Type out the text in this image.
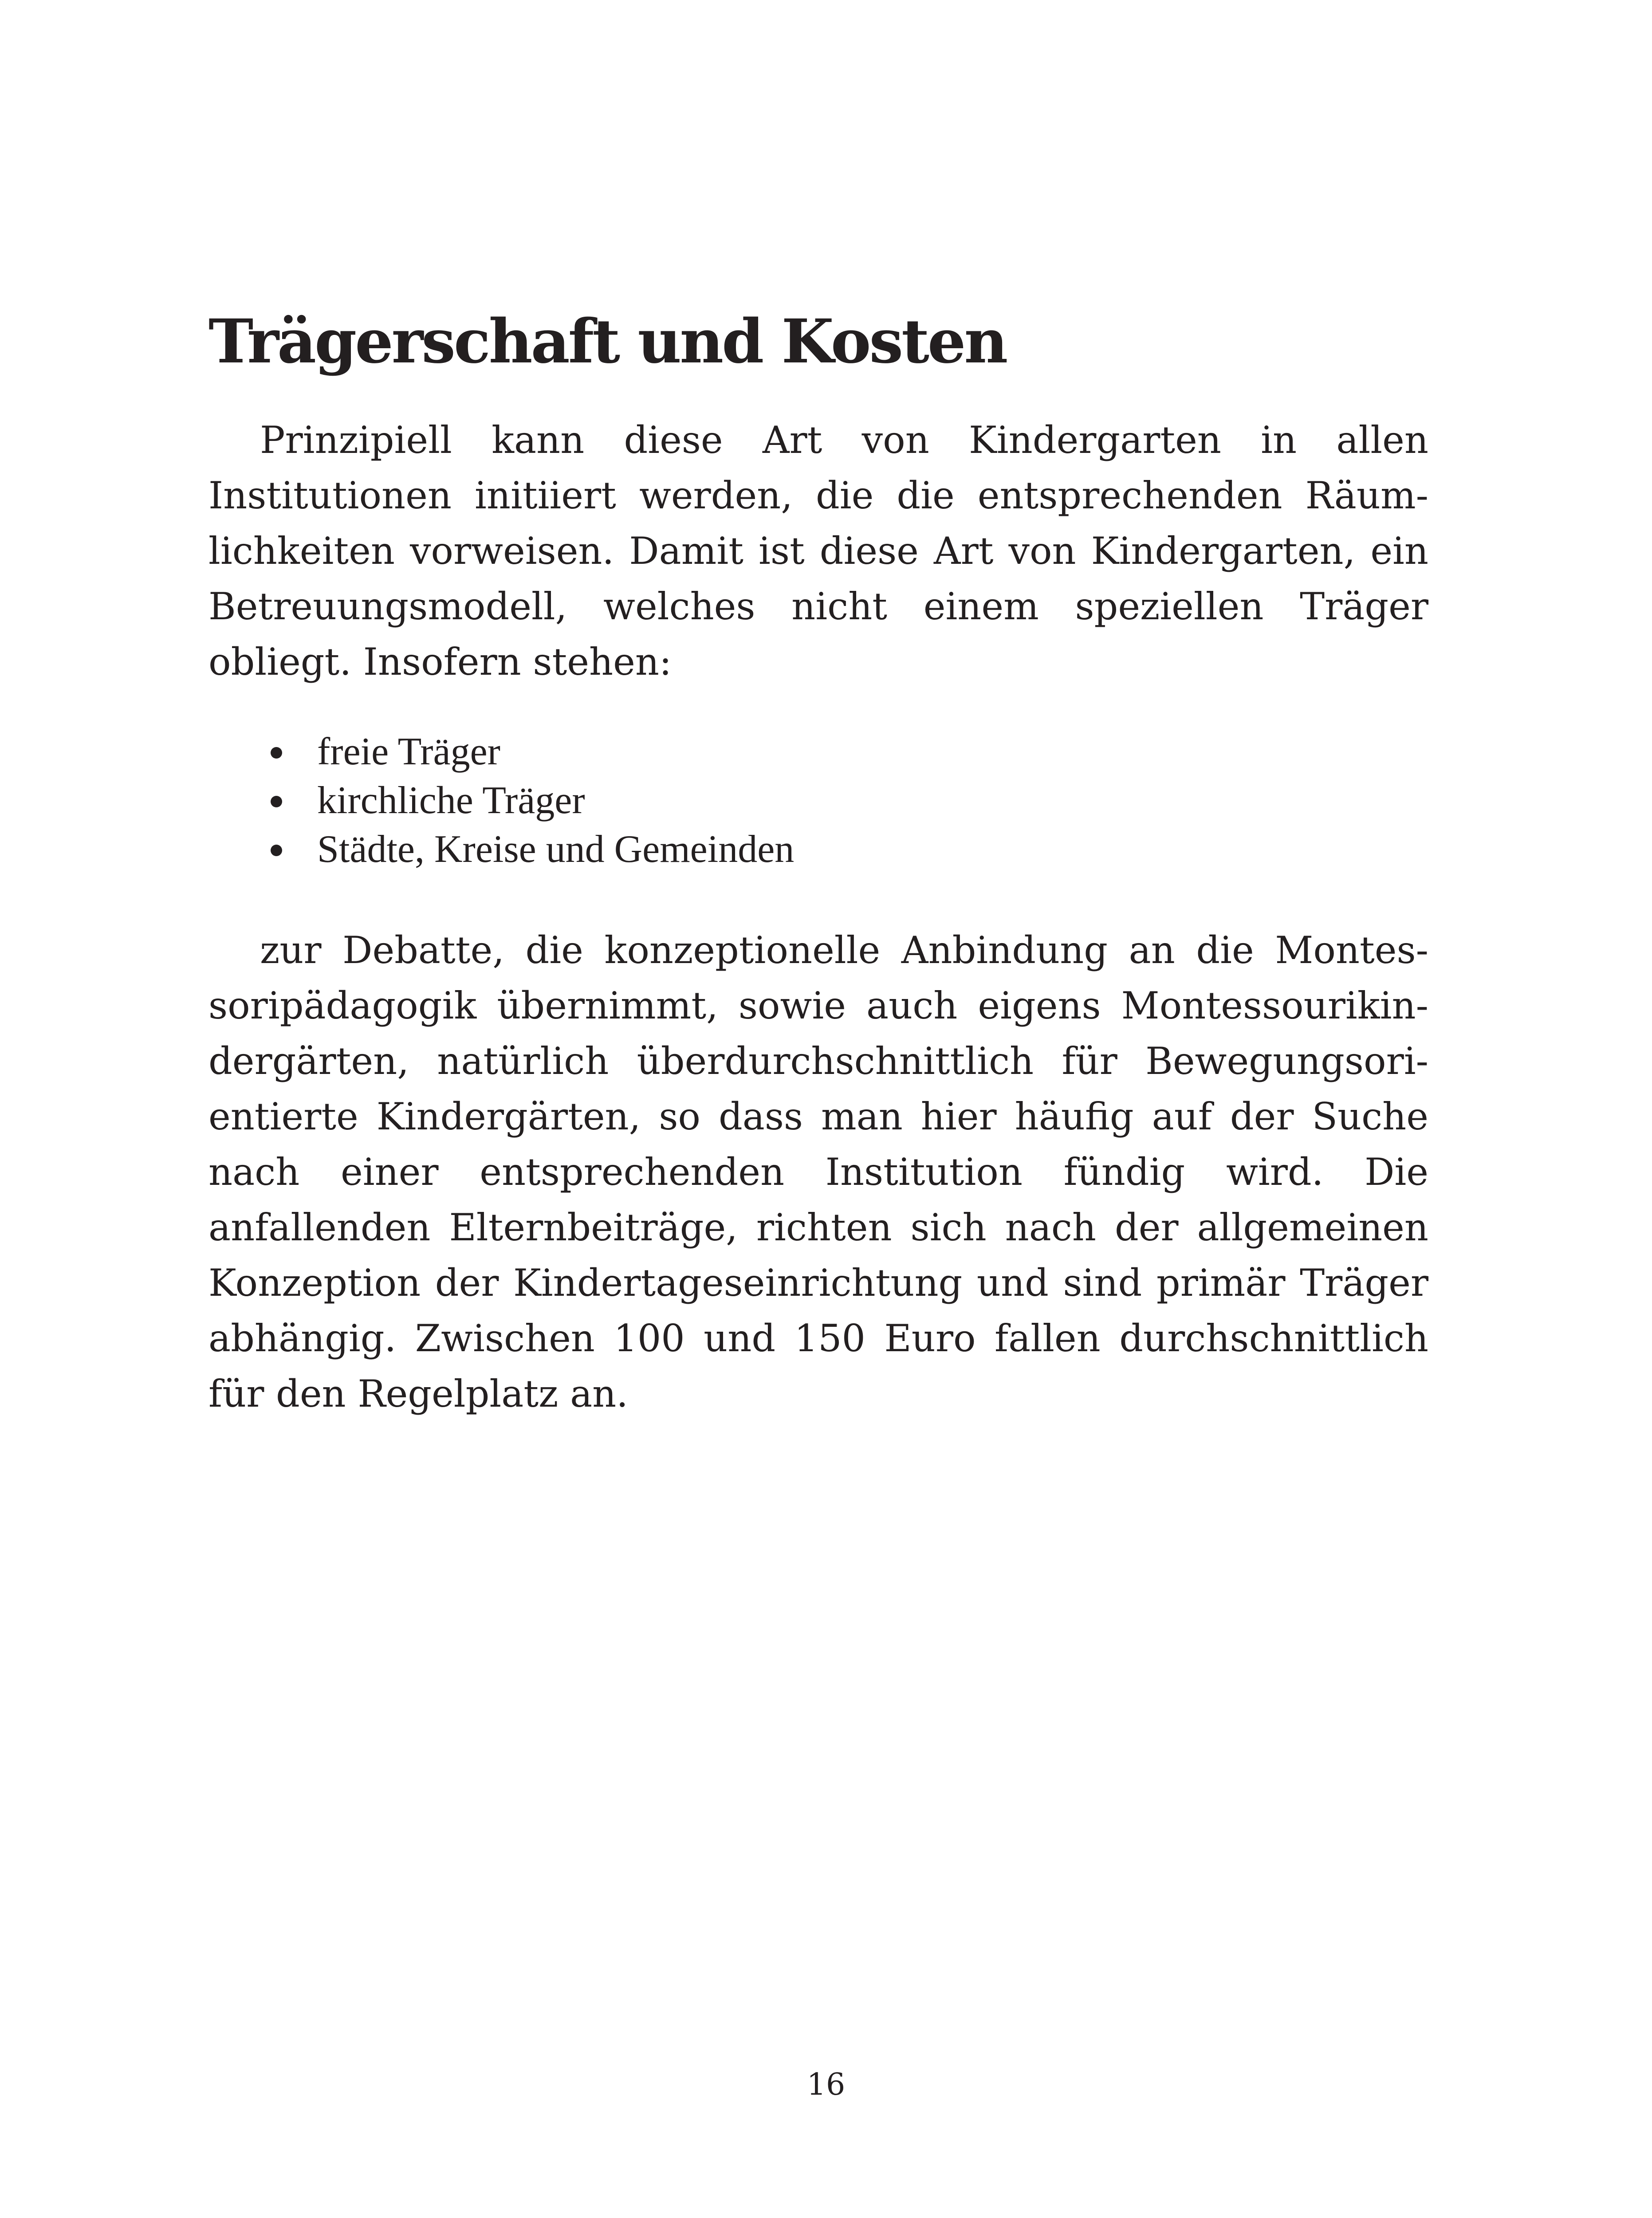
Trägerschaft und Kosten

Prinzipiell kann diese Art von Kindergarten in allen Institutionen initiiert werden, die die entsprechenden Räumlichkeiten vorweisen. Damit ist diese Art von Kindergarten, ein Betreuungsmodell, welches nicht einem speziellen Träger obliegt. Insofern stehen:

freie Träger
kirchliche Träger
Städte, Kreise und Gemeinden

zur Debatte, die konzeptionelle Anbindung an die Montessoripädagogik übernimmt, sowie auch eigens Montessourikindergärten, natürlich überdurchschnittlich für Bewegungsorientierte Kindergärten, so dass man hier häufig auf der Suche nach einer entsprechenden Institution fündig wird. Die anfallenden Elternbeiträge, richten sich nach der allgemeinen Konzeption der Kindertageseinrichtung und sind primär Träger abhängig. Zwischen 100 und 150 Euro fallen durchschnittlich für den Regelplatz an.

16
